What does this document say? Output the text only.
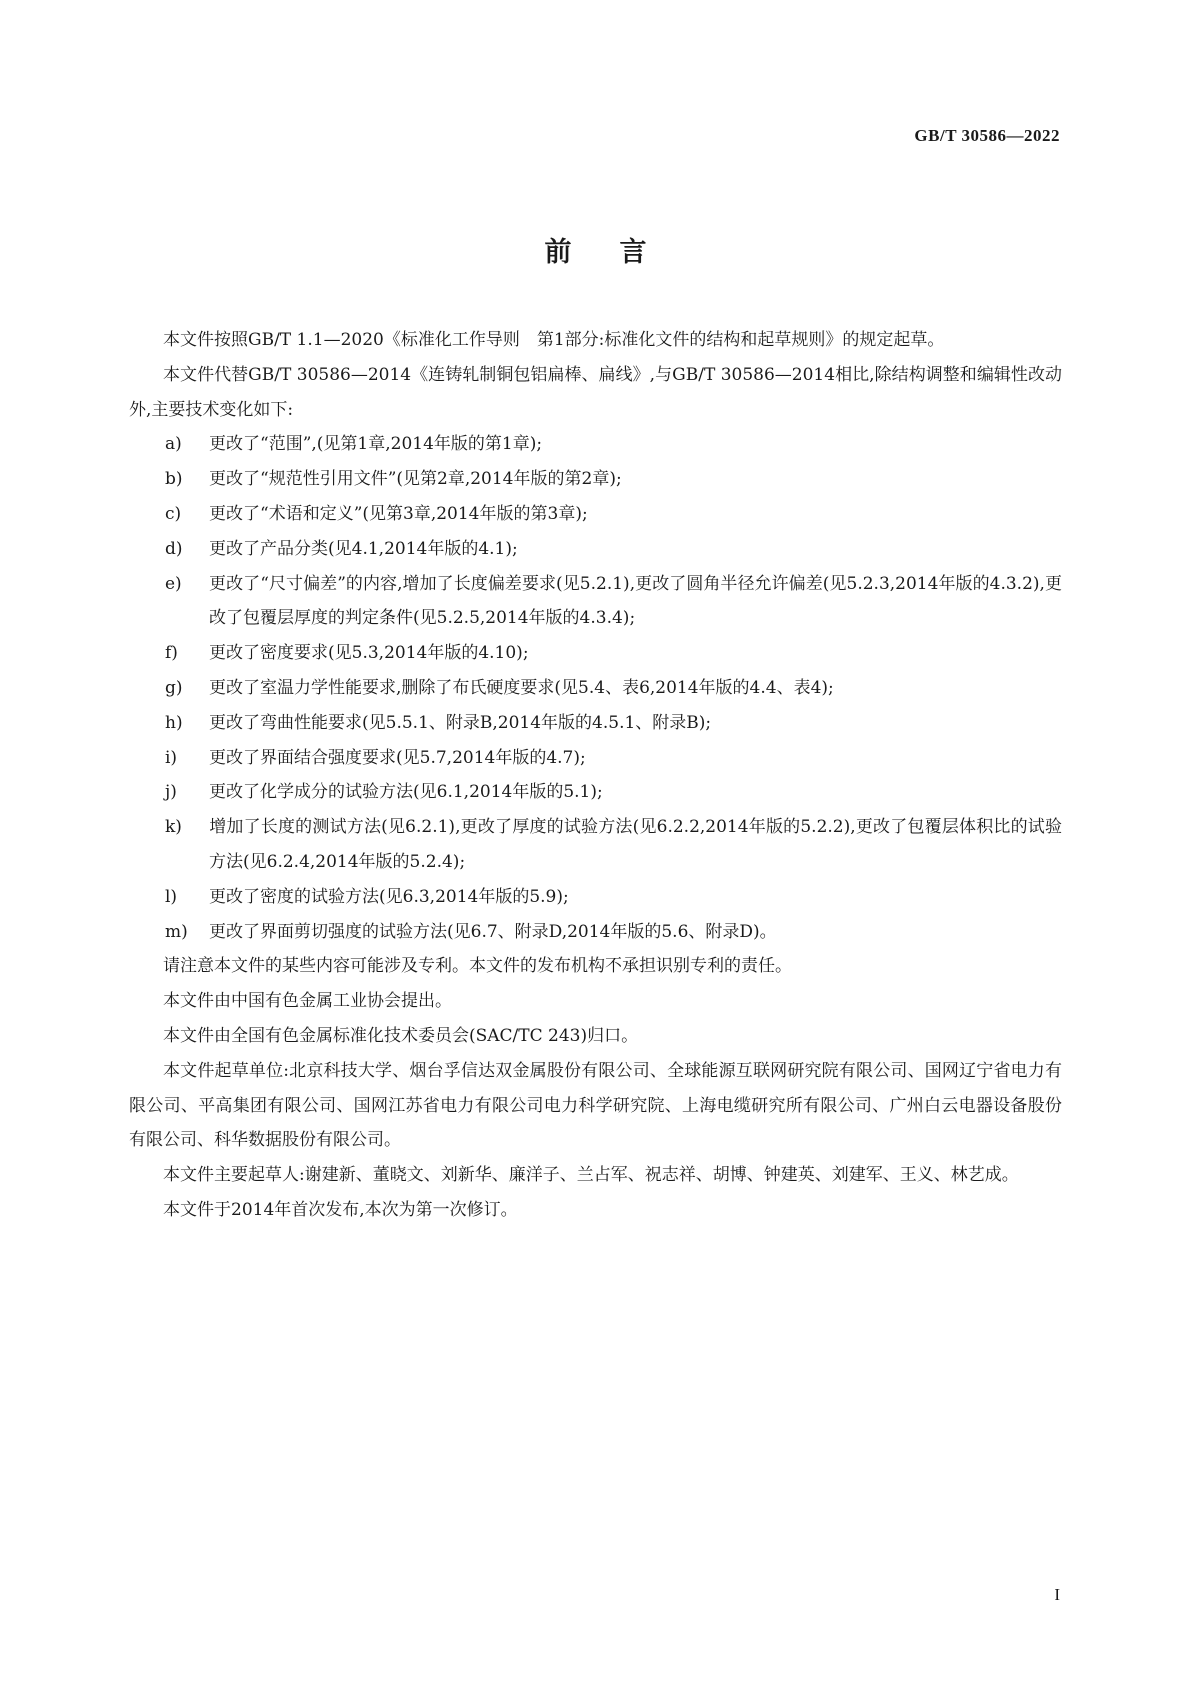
GB/T 30586—2022
前言

本文件按照GB/T 1.1—2020《标准化工作导则　第1部分:标准化文件的结构和起草规则》的规定起草。

本文件代替GB/T 30586—2014《连铸轧制铜包铝扁棒、扁线》,与GB/T 30586—2014相比,除结构调整和编辑性改动外,主要技术变化如下:

a) 更改了“范围”,(见第1章,2014年版的第1章);

b) 更改了“规范性引用文件”(见第2章,2014年版的第2章);

c) 更改了“术语和定义”(见第3章,2014年版的第3章);

d) 更改了产品分类(见4.1,2014年版的4.1);

e) 更改了“尺寸偏差”的内容,增加了长度偏差要求(见5.2.1),更改了圆角半径允许偏差(见5.2.3,2014年版的4.3.2),更改了包覆层厚度的判定条件(见5.2.5,2014年版的4.3.4);

f) 更改了密度要求(见5.3,2014年版的4.10);

g) 更改了室温力学性能要求,删除了布氏硬度要求(见5.4、表6,2014年版的4.4、表4);

h) 更改了弯曲性能要求(见5.5.1、附录B,2014年版的4.5.1、附录B);

i) 更改了界面结合强度要求(见5.7,2014年版的4.7);

j) 更改了化学成分的试验方法(见6.1,2014年版的5.1);

k) 增加了长度的测试方法(见6.2.1),更改了厚度的试验方法(见6.2.2,2014年版的5.2.2),更改了包覆层体积比的试验方法(见6.2.4,2014年版的5.2.4);

l) 更改了密度的试验方法(见6.3,2014年版的5.9);

m) 更改了界面剪切强度的试验方法(见6.7、附录D,2014年版的5.6、附录D)。

请注意本文件的某些内容可能涉及专利。本文件的发布机构不承担识别专利的责任。

本文件由中国有色金属工业协会提出。

本文件由全国有色金属标准化技术委员会(SAC/TC 243)归口。

本文件起草单位:北京科技大学、烟台孚信达双金属股份有限公司、全球能源互联网研究院有限公司、国网辽宁省电力有限公司、平高集团有限公司、国网江苏省电力有限公司电力科学研究院、上海电缆研究所有限公司、广州白云电器设备股份有限公司、科华数据股份有限公司。

本文件主要起草人:谢建新、董晓文、刘新华、廉洋子、兰占军、祝志祥、胡博、钟建英、刘建军、王义、林艺成。

本文件于2014年首次发布,本次为第一次修订。

I
